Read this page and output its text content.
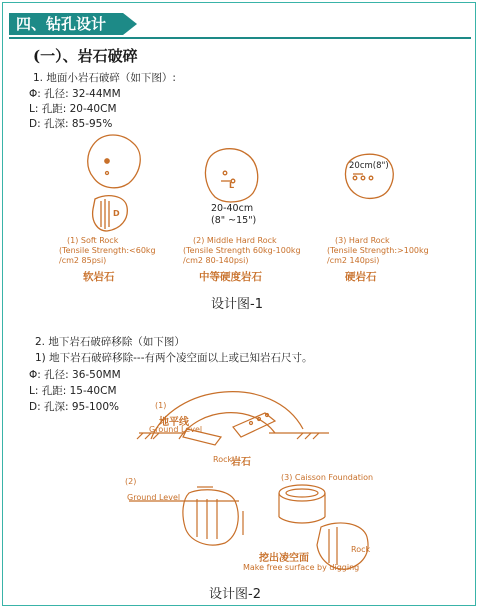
四、钻孔设计
(一）、岩石破碎
1. 地面小岩石破碎（如下图）:
Φ: 孔径: 32-44MM
L: 孔距: 20-40CM
D: 孔深: 85-95%
L
D	20-40cm
(8" ~15")
20cm(8")
(1) Soft Rock
(Tensile Strength:<60kg
/cm2 85psi)
软岩石
(2) Middle Hard Rock
(Tensile Strength 60kg-100kg
/cm2 80-140psi)
中等硬度岩石
(3) Hard Rock
(Tensile Strength:>100kg
/cm2 140psi)
硬岩石
设计图-1
2. 地下岩石破碎移除（如下图）
1) 地下岩石破碎移除---有两个凌空面以上或已知岩石尺寸。
Φ: 孔径: 36-50MM
L: 孔距: 15-40CM
D: 孔深: 95-100%	(1)
地平线
Ground Level
Rock
岩石
(2)
Ground Level
(3) Caisson Foundation
Rock
挖出凌空面
Make free surface by digging
设计图-2
